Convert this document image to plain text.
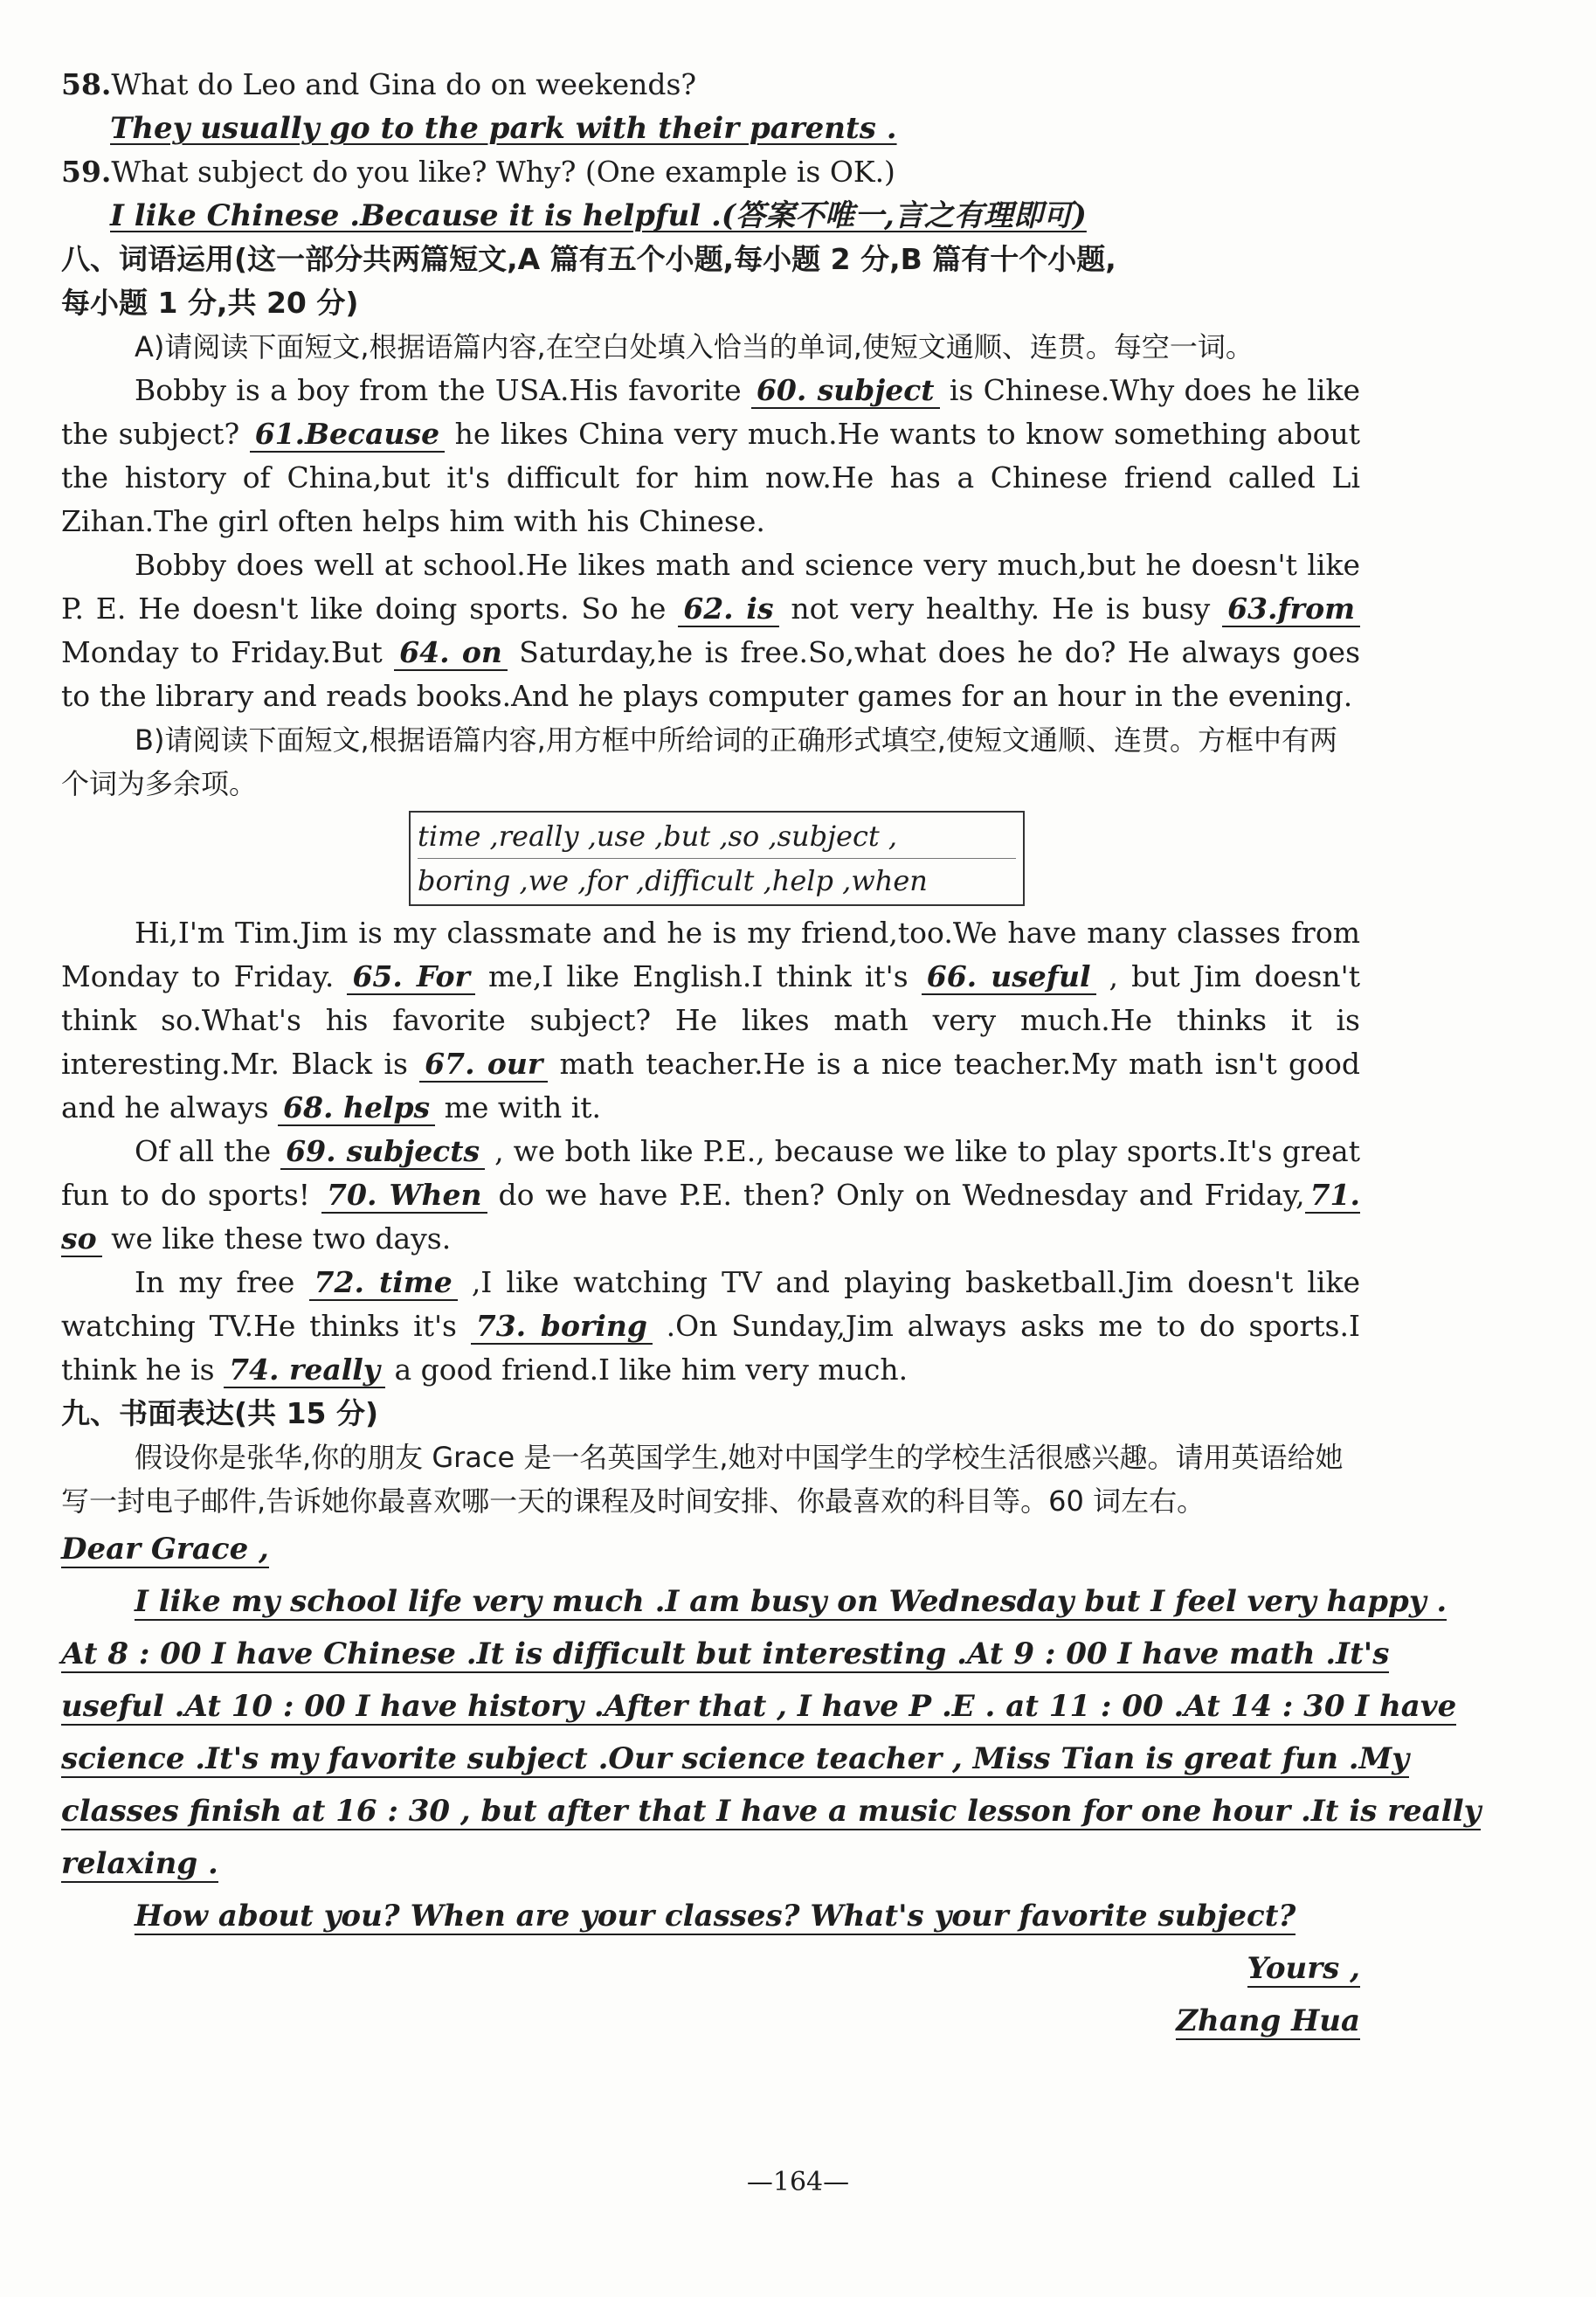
58.What do Leo and Gina do on weekends?
They usually go to the park with their parents .
59.What subject do you like? Why? (One example is OK.)
I like Chinese .Because it is helpful .(答案不唯一,言之有理即可)
八、词语运用(这一部分共两篇短文,A 篇有五个小题,每小题 2 分,B 篇有十个小题,
每小题 1 分,共 20 分)
A)请阅读下面短文,根据语篇内容,在空白处填入恰当的单词,使短文通顺、连贯。每空一词。
Bobby is a boy from the USA.His favorite 60. subject is Chinese.Why does he like the subject? 61.Because he likes China very much.He wants to know something about the history of China,but it's difficult for him now.He has a Chinese friend called Li Zihan.The girl often helps him with his Chinese.
Bobby does well at school.He likes math and science very much,but he doesn't like P. E. He doesn't like doing sports. So he 62. is not very healthy. He is busy 63.from Monday to Friday.But 64. on Saturday,he is free.So,what does he do? He always goes to the library and reads books.And he plays computer games for an hour in the evening.
B)请阅读下面短文,根据语篇内容,用方框中所给词的正确形式填空,使短文通顺、连贯。方框中有两个词为多余项。
time ,really ,use ,but ,so ,subject ,
boring ,we ,for ,difficult ,help ,when
Hi,I'm Tim.Jim is my classmate and he is my friend,too.We have many classes from Monday to Friday. 65. For me,I like English.I think it's 66. useful , but Jim doesn't think so.What's his favorite subject? He likes math very much.He thinks it is interesting.Mr. Black is 67. our math teacher.He is a nice teacher.My math isn't good and he always 68. helps me with it.
Of all the 69. subjects , we both like P.E., because we like to play sports.It's great fun to do sports! 70. When do we have P.E. then? Only on Wednesday and Friday, 71. so we like these two days.
In my free 72. time ,I like watching TV and playing basketball.Jim doesn't like watching TV.He thinks it's 73. boring .On Sunday,Jim always asks me to do sports.I think he is 74. really a good friend.I like him very much.
九、书面表达(共 15 分)
假设你是张华,你的朋友 Grace 是一名英国学生,她对中国学生的学校生活很感兴趣。请用英语给她写一封电子邮件,告诉她你最喜欢哪一天的课程及时间安排、你最喜欢的科目等。60 词左右。
Dear Grace ,
I like my school life very much .I am busy on Wednesday but I feel very happy .
At 8 : 00 I have Chinese .It is difficult but interesting .At 9 : 00 I have math .It's
useful .At 10 : 00 I have history .After that , I have P .E . at 11 : 00 .At 14 : 30 I have
science .It's my favorite subject .Our science teacher , Miss Tian is great fun .My
classes finish at 16 : 30 , but after that I have a music lesson for one hour .It is really
relaxing .
How about you? When are your classes? What's your favorite subject?
Yours ,
Zhang Hua
—164—
